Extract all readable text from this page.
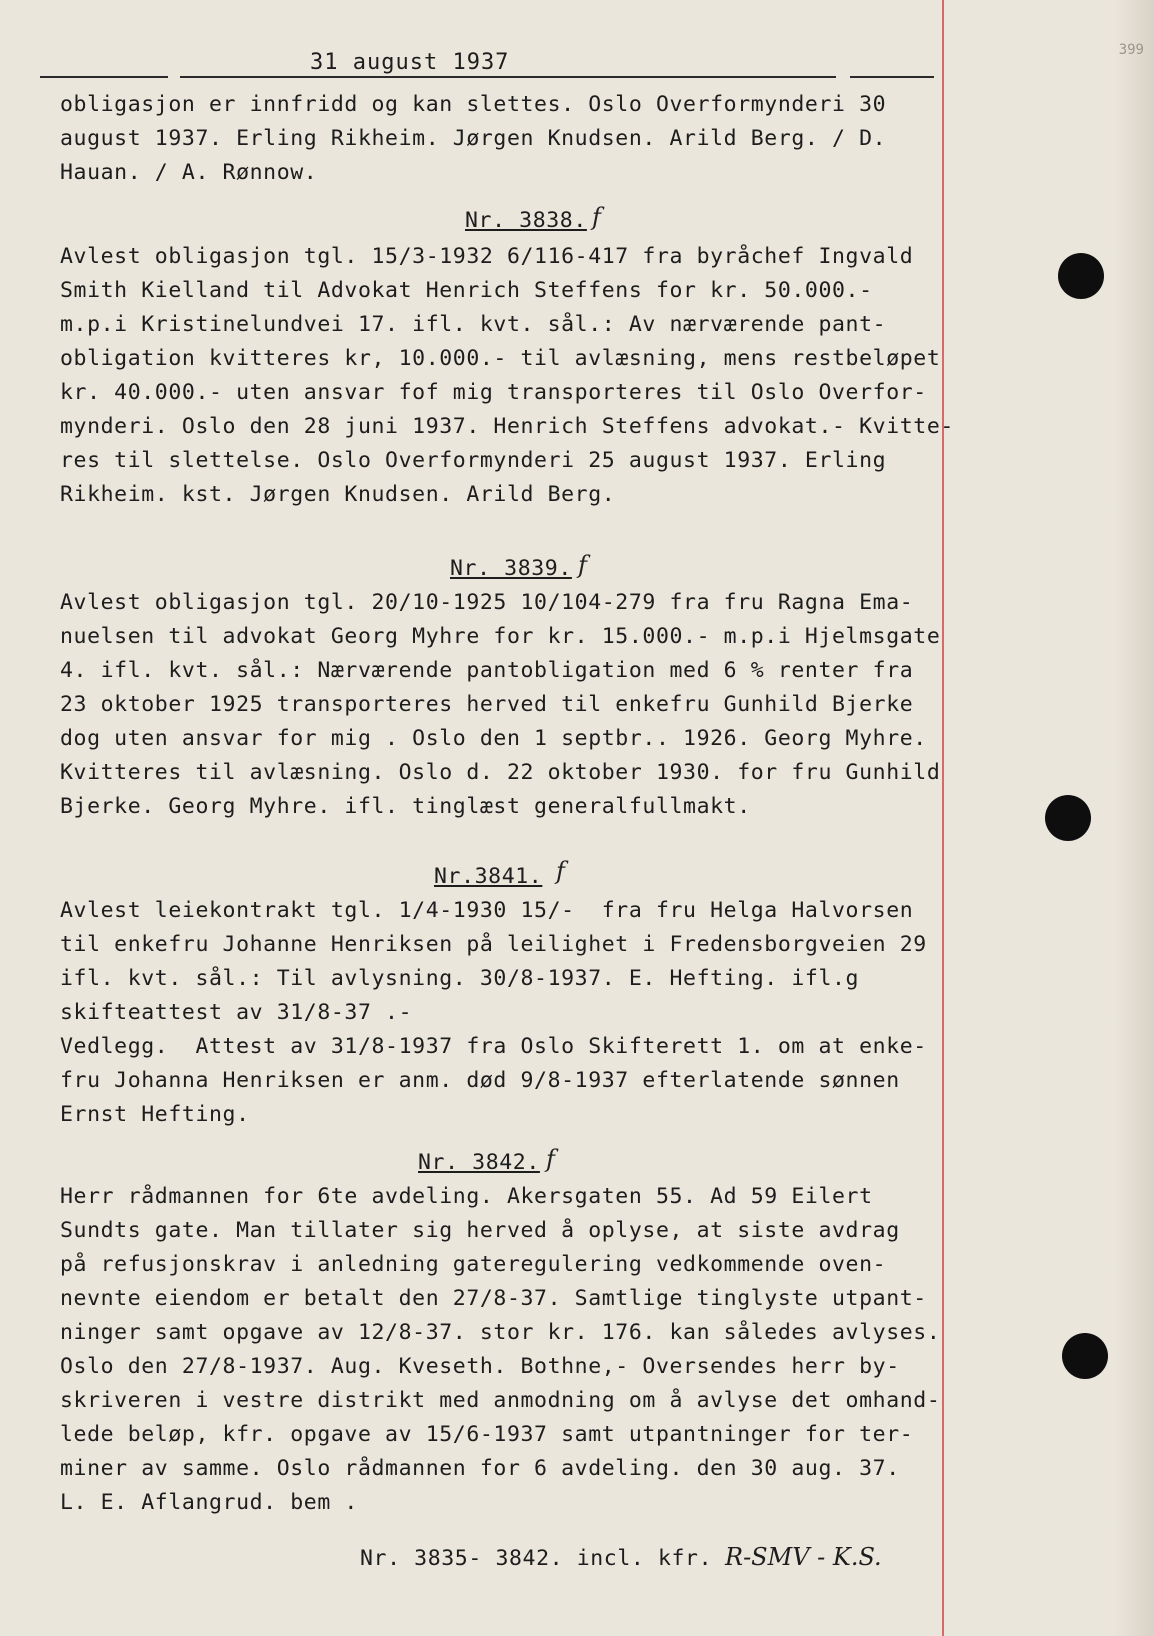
399
31 august 1937
obligasjon er innfridd og kan slettes. Oslo Overformynderi 30
august 1937. Erling Rikheim. Jørgen Knudsen. Arild Berg. / D.
Hauan. / A. Rønnow.
Nr. 3838. f
Avlest obligasjon tgl. 15/3-1932 6/116-417 fra byråchef Ingvald
Smith Kielland til Advokat Henrich Steffens for kr. 50.000.-
m.p.i Kristinelundvei 17. ifl. kvt. sål.: Av nærværende pant-
obligation kvitteres kr, 10.000.- til avlæsning, mens restbeløpet
kr. 40.000.- uten ansvar fof mig transporteres til Oslo Overfor-
mynderi. Oslo den 28 juni 1937. Henrich Steffens advokat.- Kvitte-
res til slettelse. Oslo Overformynderi 25 august 1937. Erling
Rikheim. kst. Jørgen Knudsen. Arild Berg.
Nr. 3839. f
Avlest obligasjon tgl. 20/10-1925 10/104-279 fra fru Ragna Ema-
nuelsen til advokat Georg Myhre for kr. 15.000.- m.p.i Hjelmsgate
4. ifl. kvt. sål.: Nærværende pantobligation med 6 % renter fra
23 oktober 1925 transporteres herved til enkefru Gunhild Bjerke
dog uten ansvar for mig . Oslo den 1 septbr.. 1926. Georg Myhre.
Kvitteres til avlæsning. Oslo d. 22 oktober 1930. for fru Gunhild
Bjerke. Georg Myhre. ifl. tinglæst generalfullmakt.
Nr.3841. f
Avlest leiekontrakt tgl. 1/4-1930 15/-  fra fru Helga Halvorsen
til enkefru Johanne Henriksen på leilighet i Fredensborgveien 29
ifl. kvt. sål.: Til avlysning. 30/8-1937. E. Hefting. ifl.g
skifteattest av 31/8-37 .-
Vedlegg.  Attest av 31/8-1937 fra Oslo Skifterett 1. om at enke-
fru Johanna Henriksen er anm. død 9/8-1937 efterlatende sønnen
Ernst Hefting.
Nr. 3842. f
Herr rådmannen for 6te avdeling. Akersgaten 55. Ad 59 Eilert
Sundts gate. Man tillater sig herved å oplyse, at siste avdrag
på refusjonskrav i anledning gateregulering vedkommende oven-
nevnte eiendom er betalt den 27/8-37. Samtlige tinglyste utpant-
ninger samt opgave av 12/8-37. stor kr. 176. kan således avlyses.
Oslo den 27/8-1937. Aug. Kveseth. Bothne,- Oversendes herr by-
skriveren i vestre distrikt med anmodning om å avlyse det omhand-
lede beløp, kfr. opgave av 15/6-1937 samt utpantninger for ter-
miner av samme. Oslo rådmannen for 6 avdeling. den 30 aug. 37.
L. E. Aflangrud. bem .
Nr. 3835- 3842. incl. kfr. R-SMV - K.S.
